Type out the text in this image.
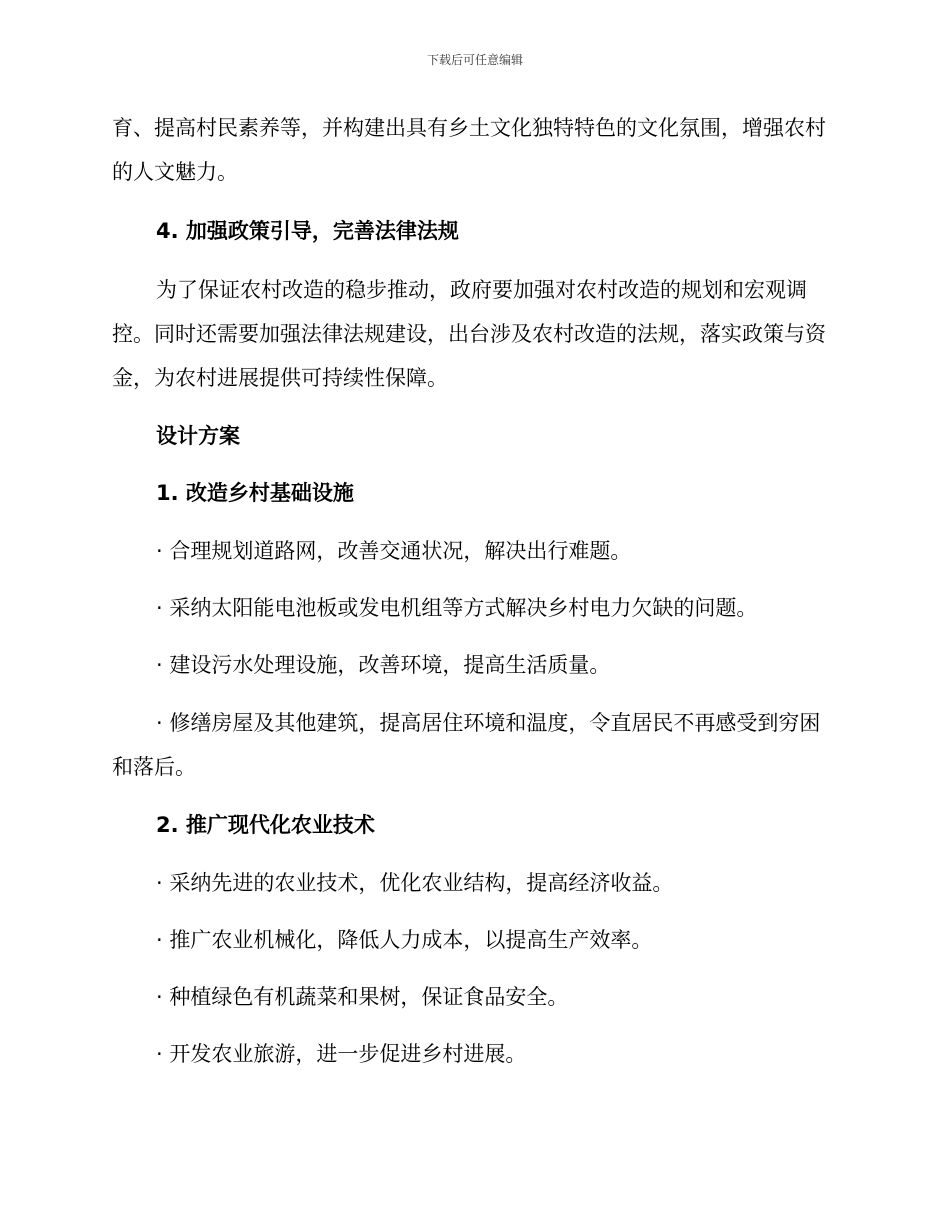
下载后可任意编辑

育、提高村民素养等，并构建出具有乡土文化独特特色的文化氛围，增强农村的人文魅力。

4. 加强政策引导，完善法律法规

为了保证农村改造的稳步推动，政府要加强对农村改造的规划和宏观调控。同时还需要加强法律法规建设，出台涉及农村改造的法规，落实政策与资金，为农村进展提供可持续性保障。

设计方案

1. 改造乡村基础设施

· 合理规划道路网，改善交通状况，解决出行难题。

· 采纳太阳能电池板或发电机组等方式解决乡村电力欠缺的问题。

· 建设污水处理设施，改善环境，提高生活质量。

· 修缮房屋及其他建筑，提高居住环境和温度，令直居民不再感受到穷困和落后。

2. 推广现代化农业技术

· 采纳先进的农业技术，优化农业结构，提高经济收益。

· 推广农业机械化，降低人力成本，以提高生产效率。

· 种植绿色有机蔬菜和果树，保证食品安全。

· 开发农业旅游，进一步促进乡村进展。
